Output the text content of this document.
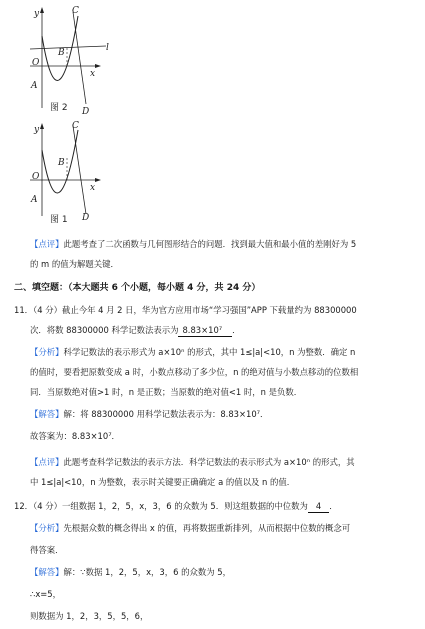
y
x
O
A
B
C
D
l
图 2
y
x
O
A
B
C
D
图 1
【点评】此题考查了二次函数与几何图形结合的问题．找到最大值和最小值的差刚好为 5
的 m 的值为解题关键．
二、填空题：（本大题共 6 个小题，每小题 4 分，共 24 分）
11．（4 分）截止今年 4 月 2 日，华为官方应用市场“学习强国”APP 下载量约为 88300000
次．将数 88300000 科学记数法表示为 8.83×10⁷ ．
【分析】科学记数法的表示形式为 a×10ⁿ 的形式，其中 1≤|a|<10，n 为整数．确定 n
的值时，要看把原数变成 a 时，小数点移动了多少位，n 的绝对值与小数点移动的位数相
同．当原数绝对值>1 时，n 是正数；当原数的绝对值<1 时，n 是负数．
【解答】解：将 88300000 用科学记数法表示为：8.83×10⁷．
故答案为：8.83×10⁷．
【点评】此题考查科学记数法的表示方法．科学记数法的表示形式为 a×10ⁿ 的形式，其
中 1≤|a|<10，n 为整数，表示时关键要正确确定 a 的值以及 n 的值．
12．（4 分）一组数据 1，2，5，x，3，6 的众数为 5．则这组数据的中位数为 4 ．
【分析】先根据众数的概念得出 x 的值，再将数据重新排列，从而根据中位数的概念可
得答案．
【解答】解：∵数据 1，2，5，x，3，6 的众数为 5，
∴x=5，
则数据为 1，2，3，5，5，6，
